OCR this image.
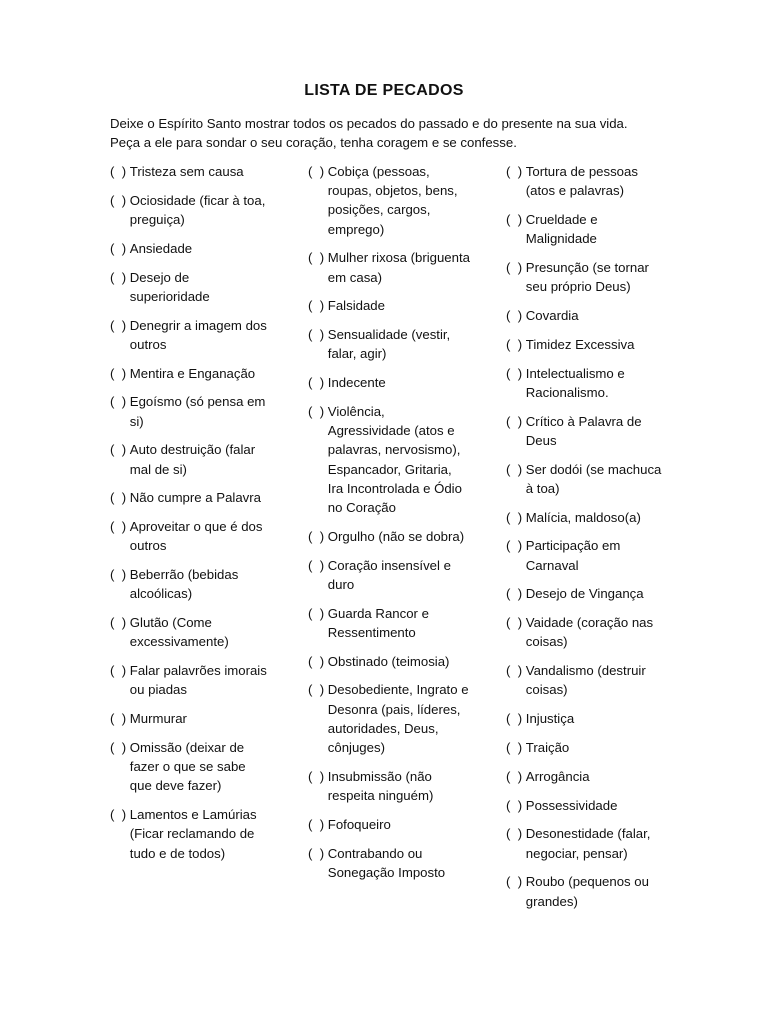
LISTA DE PECADOS
Deixe o Espírito Santo mostrar todos os pecados do passado e do presente na sua vida.
Peça a ele para sondar o seu coração, tenha coragem e se confesse.
(  ) Tristeza sem causa
(  ) Ociosidade (ficar à toa, preguiça)
(  ) Ansiedade
(  ) Desejo de superioridade
(  ) Denegrir a imagem dos outros
(  ) Mentira e Enganação
(  ) Egoísmo (só pensa em si)
(  ) Auto destruição (falar mal de si)
(  ) Não cumpre a Palavra
(  ) Aproveitar o que é dos outros
(  ) Beberrão (bebidas alcoólicas)
(  ) Glutão (Come excessivamente)
(  ) Falar palavrões imorais ou piadas
(  ) Murmurar
(  ) Omissão (deixar de fazer o que se sabe que deve fazer)
(  ) Lamentos e Lamúrias (Ficar reclamando de tudo e de todos)
(  ) Cobiça (pessoas, roupas, objetos, bens, posições, cargos, emprego)
(  ) Mulher rixosa (briguenta em casa)
(  ) Falsidade
(  ) Sensualidade (vestir, falar, agir)
(  ) Indecente
(  ) Violência, Agressividade (atos e palavras, nervosismo), Espancador, Gritaria, Ira Incontrolada e Ódio no Coração
(  ) Orgulho (não se dobra)
(  ) Coração insensível e duro
(  ) Guarda Rancor e Ressentimento
(  ) Obstinado (teimosia)
(  ) Desobediente, Ingrato e Desonra (pais, líderes, autoridades, Deus, cônjuges)
(  ) Insubmissão (não respeita ninguém)
(  ) Fofoqueiro
(  ) Contrabando ou Sonegação Imposto
(  ) Tortura de pessoas (atos e palavras)
(  ) Crueldade e Malignidade
(  ) Presunção (se tornar seu próprio Deus)
(  ) Covardia
(  ) Timidez Excessiva
(  ) Intelectualismo e Racionalismo.
(  ) Crítico à Palavra de Deus
(  ) Ser dodói (se machuca à toa)
(  ) Malícia, maldoso(a)
(  ) Participação em Carnaval
(  ) Desejo de Vingança
(  ) Vaidade (coração nas coisas)
(  ) Vandalismo (destruir coisas)
(  ) Injustiça
(  ) Traição
(  ) Arrogância
(  ) Possessividade
(  ) Desonestidade (falar, negociar, pensar)
(  ) Roubo (pequenos ou grandes)
